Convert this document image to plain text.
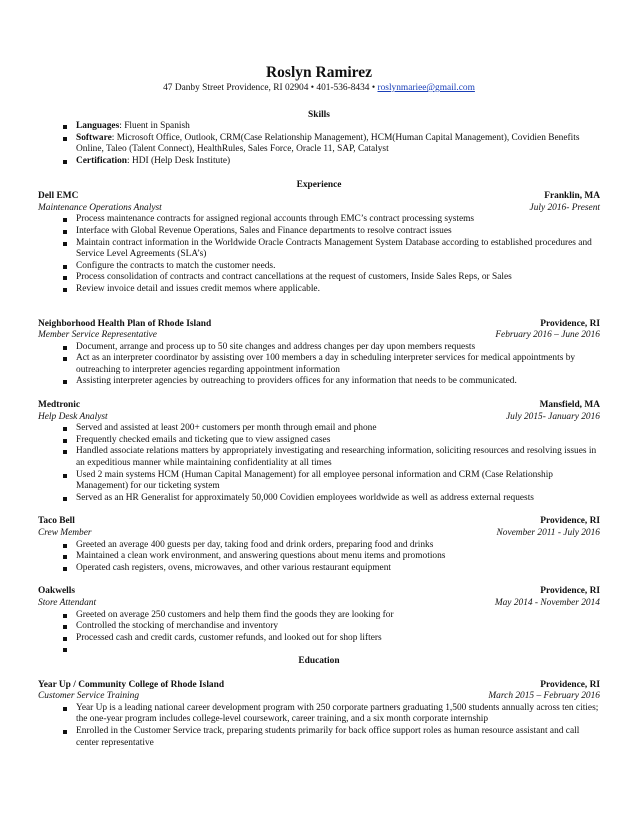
Roslyn Ramirez
47 Danby Street Providence, RI 02904 • 401-536-8434 • roslynmariee@gmail.com
Skills
Languages: Fluent in Spanish
Software: Microsoft Office, Outlook, CRM(Case Relationship Management), HCM(Human Capital Management), Covidien Benefits Online, Taleo (Talent Connect), HealthRules, Sales Force, Oracle 11, SAP, Catalyst
Certification: HDI (Help Desk Institute)
Experience
Dell EMC	Franklin, MA
Maintenance Operations Analyst	July 2016- Present
Process maintenance contracts for assigned regional accounts through EMC’s contract processing systems
Interface with Global Revenue Operations, Sales and Finance departments to resolve contract issues
Maintain contract information in the Worldwide Oracle Contracts Management System Database according to established procedures and Service Level Agreements (SLA’s)
Configure the contracts to match the customer needs.
Process consolidation of contracts and contract cancellations at the request of customers, Inside Sales Reps, or Sales
Review invoice detail and issues credit memos where applicable.
Neighborhood Health Plan of Rhode Island	Providence, RI
Member Service Representative	February 2016 – June 2016
Document, arrange and process up to 50 site changes and address changes per day upon members requests
Act as an interpreter coordinator by assisting over 100 members a day in scheduling interpreter services for medical appointments by outreaching to interpreter agencies regarding appointment information
Assisting interpreter agencies by outreaching to providers offices for any information that needs to be communicated.
Medtronic	Mansfield, MA
Help Desk Analyst	July 2015- January 2016
Served and assisted at least 200+ customers per month through email and phone
Frequently checked emails and ticketing que to view assigned cases
Handled associate relations matters by appropriately investigating and researching information, soliciting resources and resolving issues in an expeditious manner while maintaining confidentiality at all times
Used 2 main systems HCM (Human Capital Management) for all employee personal information and CRM (Case Relationship Management) for our ticketing system
Served as an HR Generalist for approximately 50,000 Covidien employees worldwide as well as address external requests
Taco Bell	Providence, RI
Crew Member	November 2011 - July 2016
Greeted an average 400 guests per day, taking food and drink orders, preparing food and drinks
Maintained a clean work environment, and answering questions about menu items and promotions
Operated cash registers, ovens, microwaves, and other various restaurant equipment
Oakwells	Providence, RI
Store Attendant	May 2014 - November 2014
Greeted on average 250 customers and help them find the goods they are looking for
Controlled the stocking of merchandise and inventory
Processed cash and credit cards, customer refunds, and looked out for shop lifters
Education
Year Up / Community College of Rhode Island	Providence, RI
Customer Service Training	March 2015 – February 2016
Year Up is a leading national career development program with 250 corporate partners graduating 1,500 students annually across ten cities; the one-year program includes college-level coursework, career training, and a six month corporate internship
Enrolled in the Customer Service track, preparing students primarily for back office support roles as human resource assistant and call center representative
